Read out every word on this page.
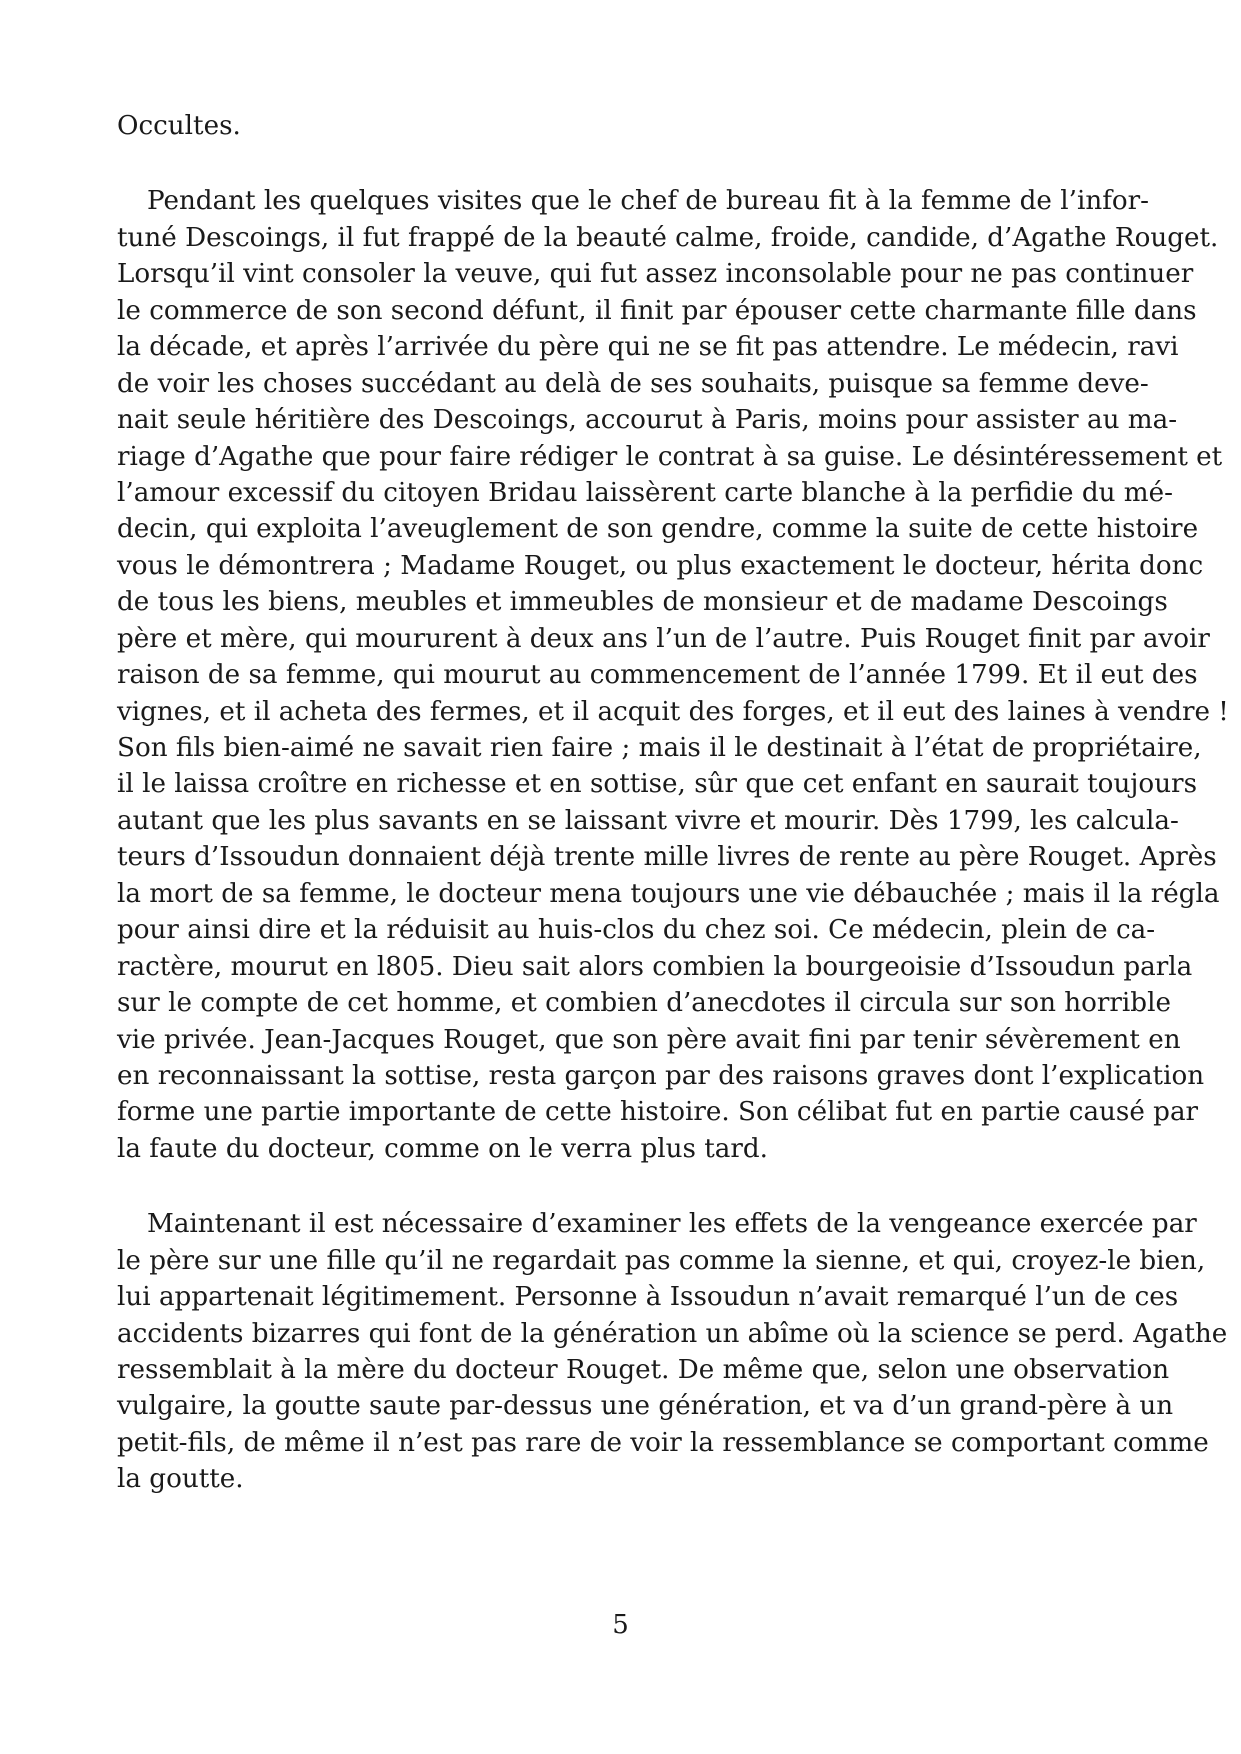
Occultes.
Pendant les quelques visites que le chef de bureau fit à la femme de l’infor-
tuné Descoings, il fut frappé de la beauté calme, froide, candide, d’Agathe Rouget.
Lorsqu’il vint consoler la veuve, qui fut assez inconsolable pour ne pas continuer
le commerce de son second défunt, il finit par épouser cette charmante fille dans
la décade, et après l’arrivée du père qui ne se fit pas attendre. Le médecin, ravi
de voir les choses succédant au delà de ses souhaits, puisque sa femme deve-
nait seule héritière des Descoings, accourut à Paris, moins pour assister au ma-
riage d’Agathe que pour faire rédiger le contrat à sa guise. Le désintéressement et
l’amour excessif du citoyen Bridau laissèrent carte blanche à la perfidie du mé-
decin, qui exploita l’aveuglement de son gendre, comme la suite de cette histoire
vous le démontrera ; Madame Rouget, ou plus exactement le docteur, hérita donc
de tous les biens, meubles et immeubles de monsieur et de madame Descoings
père et mère, qui moururent à deux ans l’un de l’autre. Puis Rouget finit par avoir
raison de sa femme, qui mourut au commencement de l’année 1799. Et il eut des
vignes, et il acheta des fermes, et il acquit des forges, et il eut des laines à vendre !
Son fils bien-aimé ne savait rien faire ; mais il le destinait à l’état de propriétaire,
il le laissa croître en richesse et en sottise, sûr que cet enfant en saurait toujours
autant que les plus savants en se laissant vivre et mourir. Dès 1799, les calcula-
teurs d’Issoudun donnaient déjà trente mille livres de rente au père Rouget. Après
la mort de sa femme, le docteur mena toujours une vie débauchée ; mais il la régla
pour ainsi dire et la réduisit au huis-clos du chez soi. Ce médecin, plein de ca-
ractère, mourut en l805. Dieu sait alors combien la bourgeoisie d’Issoudun parla
sur le compte de cet homme, et combien d’anecdotes il circula sur son horrible
vie privée. Jean-Jacques Rouget, que son père avait fini par tenir sévèrement en
en reconnaissant la sottise, resta garçon par des raisons graves dont l’explication
forme une partie importante de cette histoire. Son célibat fut en partie causé par
la faute du docteur, comme on le verra plus tard.
Maintenant il est nécessaire d’examiner les effets de la vengeance exercée par
le père sur une fille qu’il ne regardait pas comme la sienne, et qui, croyez-le bien,
lui appartenait légitimement. Personne à Issoudun n’avait remarqué l’un de ces
accidents bizarres qui font de la génération un abîme où la science se perd. Agathe
ressemblait à la mère du docteur Rouget. De même que, selon une observation
vulgaire, la goutte saute par-dessus une génération, et va d’un grand-père à un
petit-fils, de même il n’est pas rare de voir la ressemblance se comportant comme
la goutte.
5
